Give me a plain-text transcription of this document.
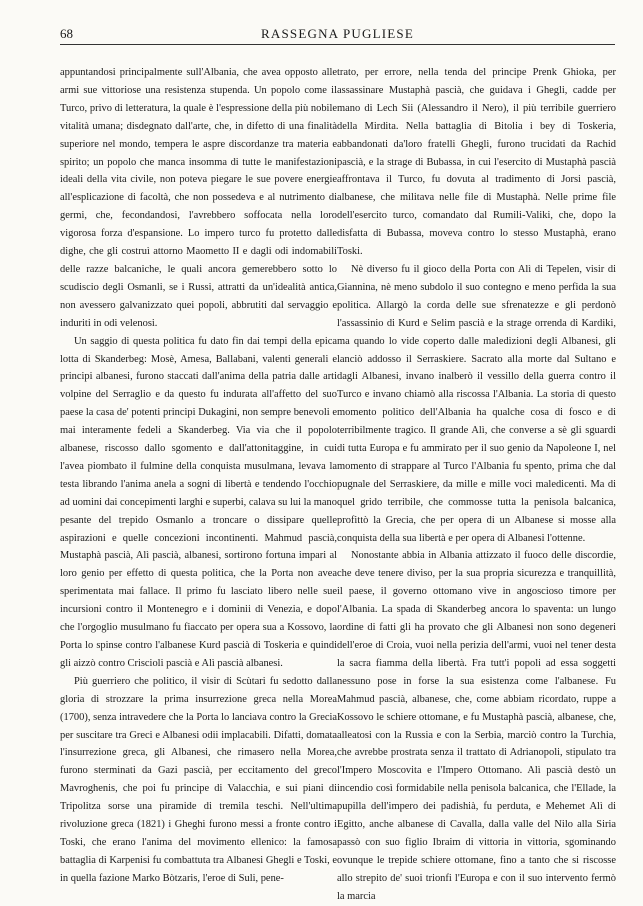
68	RASSEGNA PUGLIESE

appuntandosi principalmente sull'Albania, che avea opposto alle armi sue vittoriose una resistenza stupenda. Un popolo come il Turco, privo di letteratura, la quale è l'espressione della più nobile vitalità umana; disdegnato dall'arte, che, in difetto di una finalità superiore nel mondo, tempera le aspre discordanze tra materia e spirito; un popolo che manca insomma di tutte le manifestazioni ideali della vita civile, non poteva piegare le sue povere energie all'esplicazione di facoltà, che non possedeva e al nutrimento di germi, che, fecondandosi, l'avrebbero soffocata nella loro vigorosa forza d'espansione. Lo impero turco fu protetto dalle dighe, che gli costruì attorno Maometto II e dagli odi indomabili delle razze balcaniche, le quali ancora gemerebbero sotto lo scudiscio degli Osmanli, se i Russi, attratti da un'idealità antica, non avessero galvanizzato quei popoli, abbrutiti dal servaggio e induriti in odi velenosi.

Un saggio di questa politica fu dato fin dai tempi della epica lotta di Skanderbeg: Mosè, Amesa, Ballabani, valenti generali e principi albanesi, furono staccati dall'anima della patria dalle arti volpine del Serraglio e da questo fu indurata all'affetto del suo paese la casa de' potenti principi Dukagini, non sempre benevoli e mai interamente fedeli a Skanderbeg. Via via che il popolo albanese, riscosso dallo sgomento e dall'attonitaggine, in cui l'avea piombato il fulmine della conquista musulmana, levava la testa librando l'anima anela a sogni di libertà e tendendo l'occhio ad uomini dai concepimenti larghi e superbi, calava su lui la mano pesante del trepido Osmanlo a troncare o dissipare quelle aspirazioni e quelle concezioni incontinenti. Mahmud pascià, Mustaphà pascià, Alì pascià, albanesi, sortirono fortuna impari al loro genio per effetto di questa politica, che la Porta non avea sperimentata mai fallace. Il primo fu lasciato libero nelle sue incursioni contro il Montenegro e i dominii di Venezia, e dopo che l'orgoglio musulmano fu fiaccato per opera sua a Kossovo, la Porta lo spinse contro l'albanese Kurd pascià di Toskeria e quindi gli aizzò contro Criscioli pascià e Alì pascià albanesi.

Più guerriero che politico, il visir di Scùtari fu sedotto dalla gloria di strozzare la prima insurrezione greca nella Morea (1700), senza intravedere che la Porta lo lanciava contro la Grecia per suscitare tra Greci e Albanesi odii implacabili. Difatti, domata l'insurrezione greca, gli Albanesi, che rimasero nella Morea, furono sterminati da Gazi pascià, per eccitamento del greco Mavroghenis, che poi fu principe di Valacchia, e sui piani di Tripolitza sorse una piramide di tremila teschi. Nell'ultima rivoluzione greca (1821) i Gheghi furono messi a fronte contro i Toski, che erano l'anima del movimento ellenico: la famosa battaglia di Karpenisi fu combattuta tra Albanesi Ghegli e Toski, e in quella fazione Marko Bòtzaris, l'eroe di Suli, pene-

trato, per errore, nella tenda del principe Prenk Ghioka, per assassinare Mustaphà pascià, che guidava i Ghegli, cadde per mano di Lech Sii (Alessandro il Nero), il più terribile guerriero della Mirdita. Nella battaglia di Bitolia i bey di Toskeria, abbandonati da'loro fratelli Ghegli, furono trucidati da Rachid pascià, e la strage di Bubassa, in cui l'esercito di Mustaphà pascià affrontava il Turco, fu dovuta al tradimento di Jorsi pascià, albanese, che militava nelle file di Mustaphà. Nelle prime file dell'esercito turco, comandato dal Rumili-Valiki, che, dopo la disfatta di Bubassa, moveva contro lo stesso Mustaphà, erano Toski.

Nè diverso fu il gioco della Porta con Alì di Tepelen, visir di Giannina, nè meno subdolo il suo contegno e meno perfida la sua politica. Allargò la corda delle sue sfrenatezze e gli perdonò l'assassinio di Kurd e Selim pascià e la strage orrenda di Kardiki, ma quando lo vide coperto dalle maledizioni degli Albanesi, gli lanciò addosso il Serraskiere. Sacrato alla morte dal Sultano e dagli Albanesi, invano inalberò il vessillo della guerra contro il Turco e invano chiamò alla riscossa l'Albania. La storia di questo momento politico dell'Albania ha qualche cosa di fosco e di terribilmente tragico. Il grande Alì, che converse a sè gli sguardi di tutta Europa e fu ammirato per il suo genio da Napoleone I, nel momento di strappare al Turco l'Albania fu spento, prima che dal pugnale del Serraskiere, da mille e mille voci maledicenti. Ma di quel grido terribile, che commosse tutta la penisola balcanica, profittò la Grecia, che per opera di un Albanese si mosse alla conquista della sua libertà e per opera di Albanesi l'ottenne.

Nonostante abbia in Albania attizzato il fuoco delle discordie, che deve tenere diviso, per la sua propria sicurezza e tranquillità, il paese, il governo ottomano vive in angoscioso timore per l'Albania. La spada di Skanderbeg ancora lo spaventa: un lungo ordine di fatti gli ha provato che gli Albanesi non sono degeneri dell'eroe di Croia, vuoi nella perizia dell'armi, vuoi nel tener desta la sacra fiamma della libertà. Fra tutt'i popoli ad essa soggetti nessuno pose in forse la sua esistenza come l'albanese. Fu Mahmud pascià, albanese, che, come abbiam ricordato, ruppe a Kossovo le schiere ottomane, e fu Mustaphà pascià, albanese, che, alleatosi con la Russia e con la Serbia, marciò contro la Turchia, che avrebbe prostrata senza il trattato di Adrianopoli, stipulato tra l'Impero Moscovita e l'Impero Ottomano. Alì pascià destò un incendio così formidabile nella penisola balcanica, che l'Ellade, la pupilla dell'impero dei padishià, fu perduta, e Mehemet Alì di Egitto, anche albanese di Cavalla, dalla valle del Nilo alla Siria passò con suo figlio Ibraim di vittoria in vittoria, sgominando ovunque le trepide schiere ottomane, fino a tanto che si riscosse allo strepito de' suoi trionfi l'Europa e con il suo intervento fermò la marcia
